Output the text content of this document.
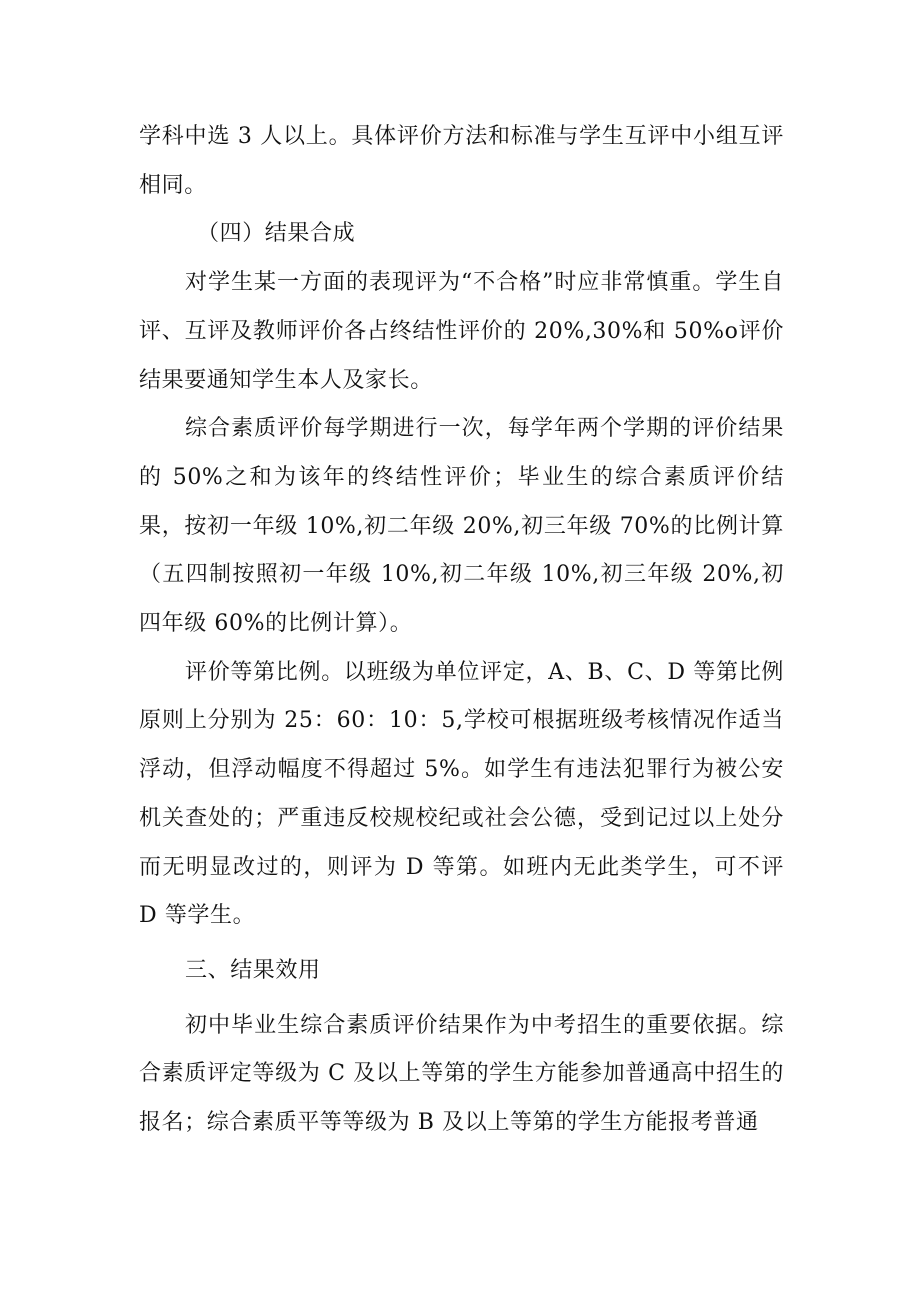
学科中选 3 人以上。具体评价方法和标准与学生互评中小组互评相同。

（四）结果合成

对学生某一方面的表现评为“不合格”时应非常慎重。学生自评、互评及教师评价各占终结性评价的 20%,30%和 50%o评价结果要通知学生本人及家长。

综合素质评价每学期进行一次，每学年两个学期的评价结果的 50%之和为该年的终结性评价；毕业生的综合素质评价结果，按初一年级 10%,初二年级 20%,初三年级 70%的比例计算（五四制按照初一年级 10%,初二年级 10%,初三年级 20%,初四年级 60%的比例计算）。

评价等第比例。以班级为单位评定，A、B、C、D 等第比例原则上分别为 25：60：10：5,学校可根据班级考核情况作适当浮动，但浮动幅度不得超过 5%。如学生有违法犯罪行为被公安机关查处的；严重违反校规校纪或社会公德，受到记过以上处分而无明显改过的，则评为 D 等第。如班内无此类学生，可不评 D 等学生。

三、结果效用

初中毕业生综合素质评价结果作为中考招生的重要依据。综合素质评定等级为 C 及以上等第的学生方能参加普通高中招生的报名；综合素质平等等级为 B 及以上等第的学生方能报考普通
